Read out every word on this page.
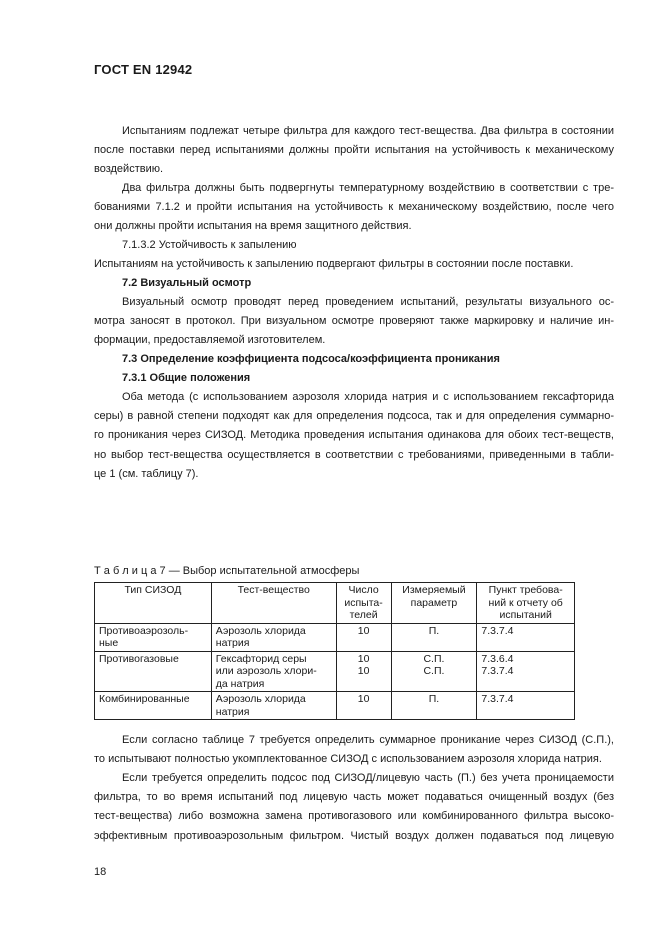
ГОСТ EN 12942
Испытаниям подлежат четыре фильтра для каждого тест-вещества. Два фильтра в состоянии
после поставки перед испытаниями должны пройти испытания на устойчивость к механическому
воздействию.
Два фильтра должны быть подвергнуты температурному воздействию в соответствии с тре-
бованиями 7.1.2 и пройти испытания на устойчивость к механическому воздействию, после чего
они должны пройти испытания на время защитного действия.
7.1.3.2 Устойчивость к запылению
Испытаниям на устойчивость к запылению подвергают фильтры в состоянии после поставки.
7.2 Визуальный осмотр
Визуальный осмотр проводят перед проведением испытаний, результаты визуального ос-
мотра заносят в протокол. При визуальном осмотре проверяют также маркировку и наличие ин-
формации, предоставляемой изготовителем.
7.3 Определение коэффициента подсоса/коэффициента проникания
7.3.1 Общие положения
Оба метода (с использованием аэрозоля хлорида натрия и с использованием гексафторида
серы) в равной степени подходят как для определения подсоса, так и для определения суммарно-
го проникания через СИЗОД. Методика проведения испытания одинакова для обоих тест-веществ,
но выбор тест-вещества осуществляется в соответствии с требованиями, приведенными в табли-
це 1 (см. таблицу 7).
Т а б л и ц а 7 — Выбор испытательной атмосферы
Тип СИЗОД	Тест-вещество	Число испыта- телей	Измеряемый параметр	Пункт требова- ний к отчету об испытаний

Противоаэрозоль-
ные	Аэрозоль хлорида
натрия	10	П.	7.3.7.4

Противогазовые	Гексафторид серы
или аэрозоль хлори-
да натрия	10
10	С.П.
С.П.	7.3.6.4
7.3.7.4

Комбинированные	Аэрозоль хлорида
натрия	10	П.	7.3.7.4
Если согласно таблице 7 требуется определить суммарное проникание через СИЗОД (С.П.),
то испытывают полностью укомплектованное СИЗОД с использованием аэрозоля хлорида натрия.
Если требуется определить подсос под СИЗОД/лицевую часть (П.) без учета проницаемости
фильтра, то во время испытаний под лицевую часть может подаваться очищенный воздух (без
тест-вещества) либо возможна замена противогазового или комбинированного фильтра высоко-
эффективным противоаэрозольным фильтром. Чистый воздух должен подаваться под лицевую
18
